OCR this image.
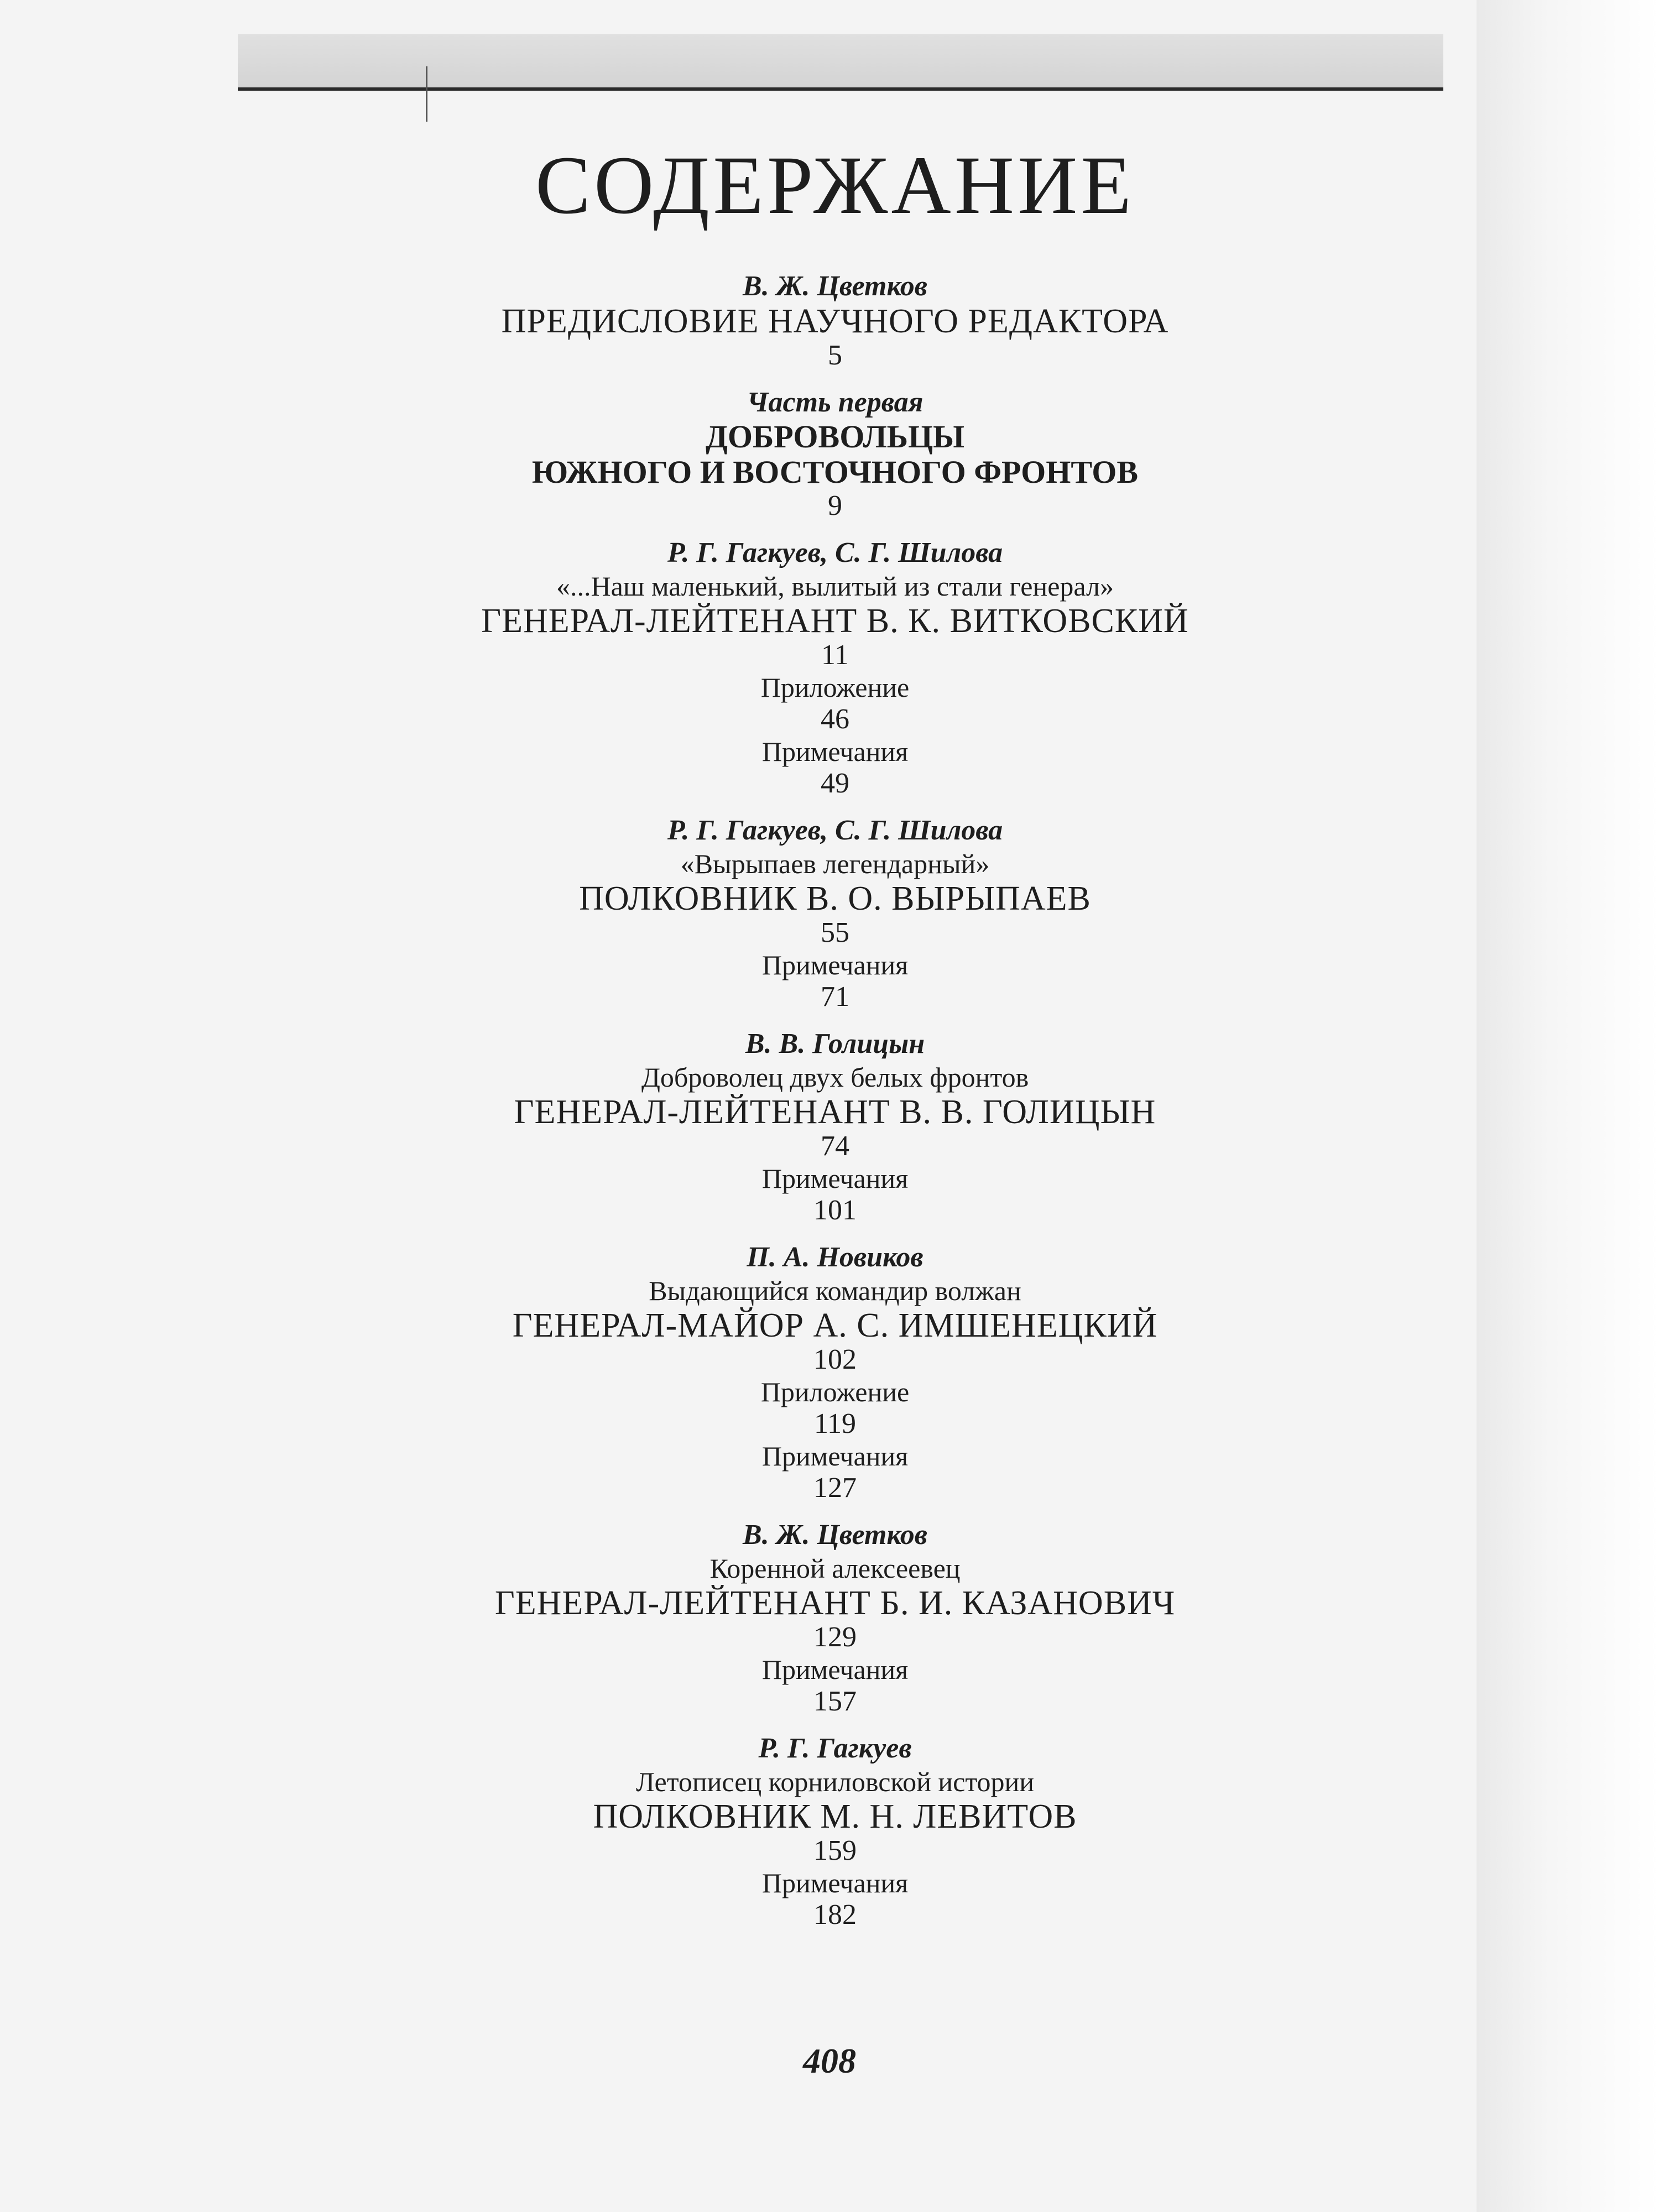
СОДЕРЖАНИЕ
В. Ж. Цветков
ПРЕДИСЛОВИЕ НАУЧНОГО РЕДАКТОРА
5
Часть первая
ДОБРОВОЛЬЦЫ
ЮЖНОГО И ВОСТОЧНОГО ФРОНТОВ
9
Р. Г. Гагкуев, С. Г. Шилова
«...Наш маленький, вылитый из стали генерал»
ГЕНЕРАЛ-ЛЕЙТЕНАНТ В. К. ВИТКОВСКИЙ
11
Приложение
46
Примечания
49
Р. Г. Гагкуев, С. Г. Шилова
«Вырыпаев легендарный»
ПОЛКОВНИК В. О. ВЫРЫПАЕВ
55
Примечания
71
В. В. Голицын
Доброволец двух белых фронтов
ГЕНЕРАЛ-ЛЕЙТЕНАНТ В. В. ГОЛИЦЫН
74
Примечания
101
П. А. Новиков
Выдающийся командир волжан
ГЕНЕРАЛ-МАЙОР А. С. ИМШЕНЕЦКИЙ
102
Приложение
119
Примечания
127
В. Ж. Цветков
Коренной алексеевец
ГЕНЕРАЛ-ЛЕЙТЕНАНТ Б. И. КАЗАНОВИЧ
129
Примечания
157
Р. Г. Гагкуев
Летописец корниловской истории
ПОЛКОВНИК М. Н. ЛЕВИТОВ
159
Примечания
182
408
